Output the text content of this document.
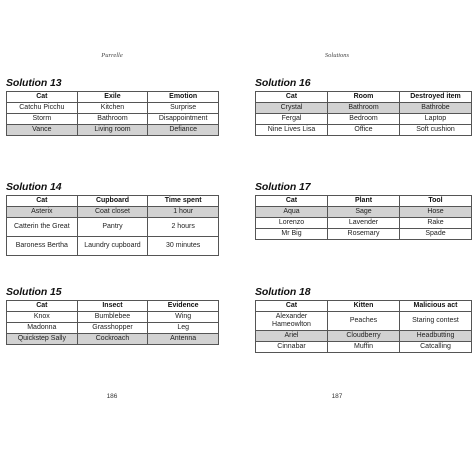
Purrelle
Solution 13
Cat	Exile	Emotion
Catchu Picchu	Kitchen	Surprise
Storm	Bathroom	Disappointment
Vance	Living room	Defiance
Solution 14
Cat	Cupboard	Time spent
Asterix	Coat closet	1 hour
Catterin the Great	Pantry	2 hours
Baroness Bertha	Laundry cupboard	30 minutes
Solution 15
Cat	Insect	Evidence
Knox	Bumblebee	Wing
Madonna	Grasshopper	Leg
Quickstep Sally	Cockroach	Antenna
186
Solutions
Solution 16
Cat	Room	Destroyed item
Crystal	Bathroom	Bathrobe
Fergal	Bedroom	Laptop
Nine Lives Lisa	Office	Soft cushion
Solution 17
Cat	Plant	Tool
Aqua	Sage	Hose
Lorenzo	Lavender	Rake
Mr Big	Rosemary	Spade
Solution 18
Cat	Kitten	Malicious act
Alexander Hameowlton	Peaches	Staring contest
Ariel	Cloudberry	Headbutting
Cinnabar	Muffin	Catcalling
187
